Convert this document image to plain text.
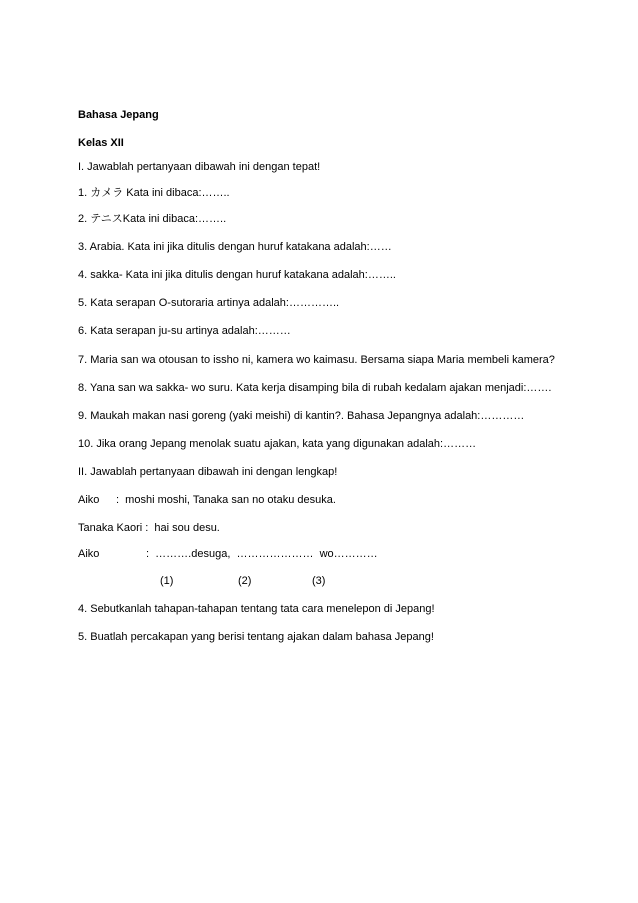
Bahasa Jepang
Kelas XII
I. Jawablah pertanyaan dibawah ini dengan tepat!
1. カメラ Kata ini dibaca:……..
2. テニスKata ini dibaca:……..
3. Arabia. Kata ini jika ditulis dengan huruf katakana adalah:……
4. sakka- Kata ini jika ditulis dengan huruf katakana adalah:……..
5. Kata serapan O-sutoraria artinya adalah:…………..
6. Kata serapan ju-su artinya adalah:………
7. Maria san wa otousan to issho ni, kamera wo kaimasu. Bersama siapa Maria membeli kamera?
8. Yana san wa sakka- wo suru. Kata kerja disamping bila di rubah kedalam ajakan menjadi:…….
9. Maukah makan nasi goreng (yaki meishi) di kantin?. Bahasa Jepangnya adalah:…………
10. Jika orang Jepang menolak suatu ajakan, kata yang digunakan adalah:………
II. Jawablah pertanyaan dibawah ini dengan lengkap!
Aiko :  moshi moshi, Tanaka san no otaku desuka.
Tanaka Kaori :  hai sou desu.
Aiko	:  ……….desuga,  …………………  wo…………
(1)	(2)	(3)
4. Sebutkanlah tahapan-tahapan tentang tata cara menelepon di Jepang!
5. Buatlah percakapan yang berisi tentang ajakan dalam bahasa Jepang!
